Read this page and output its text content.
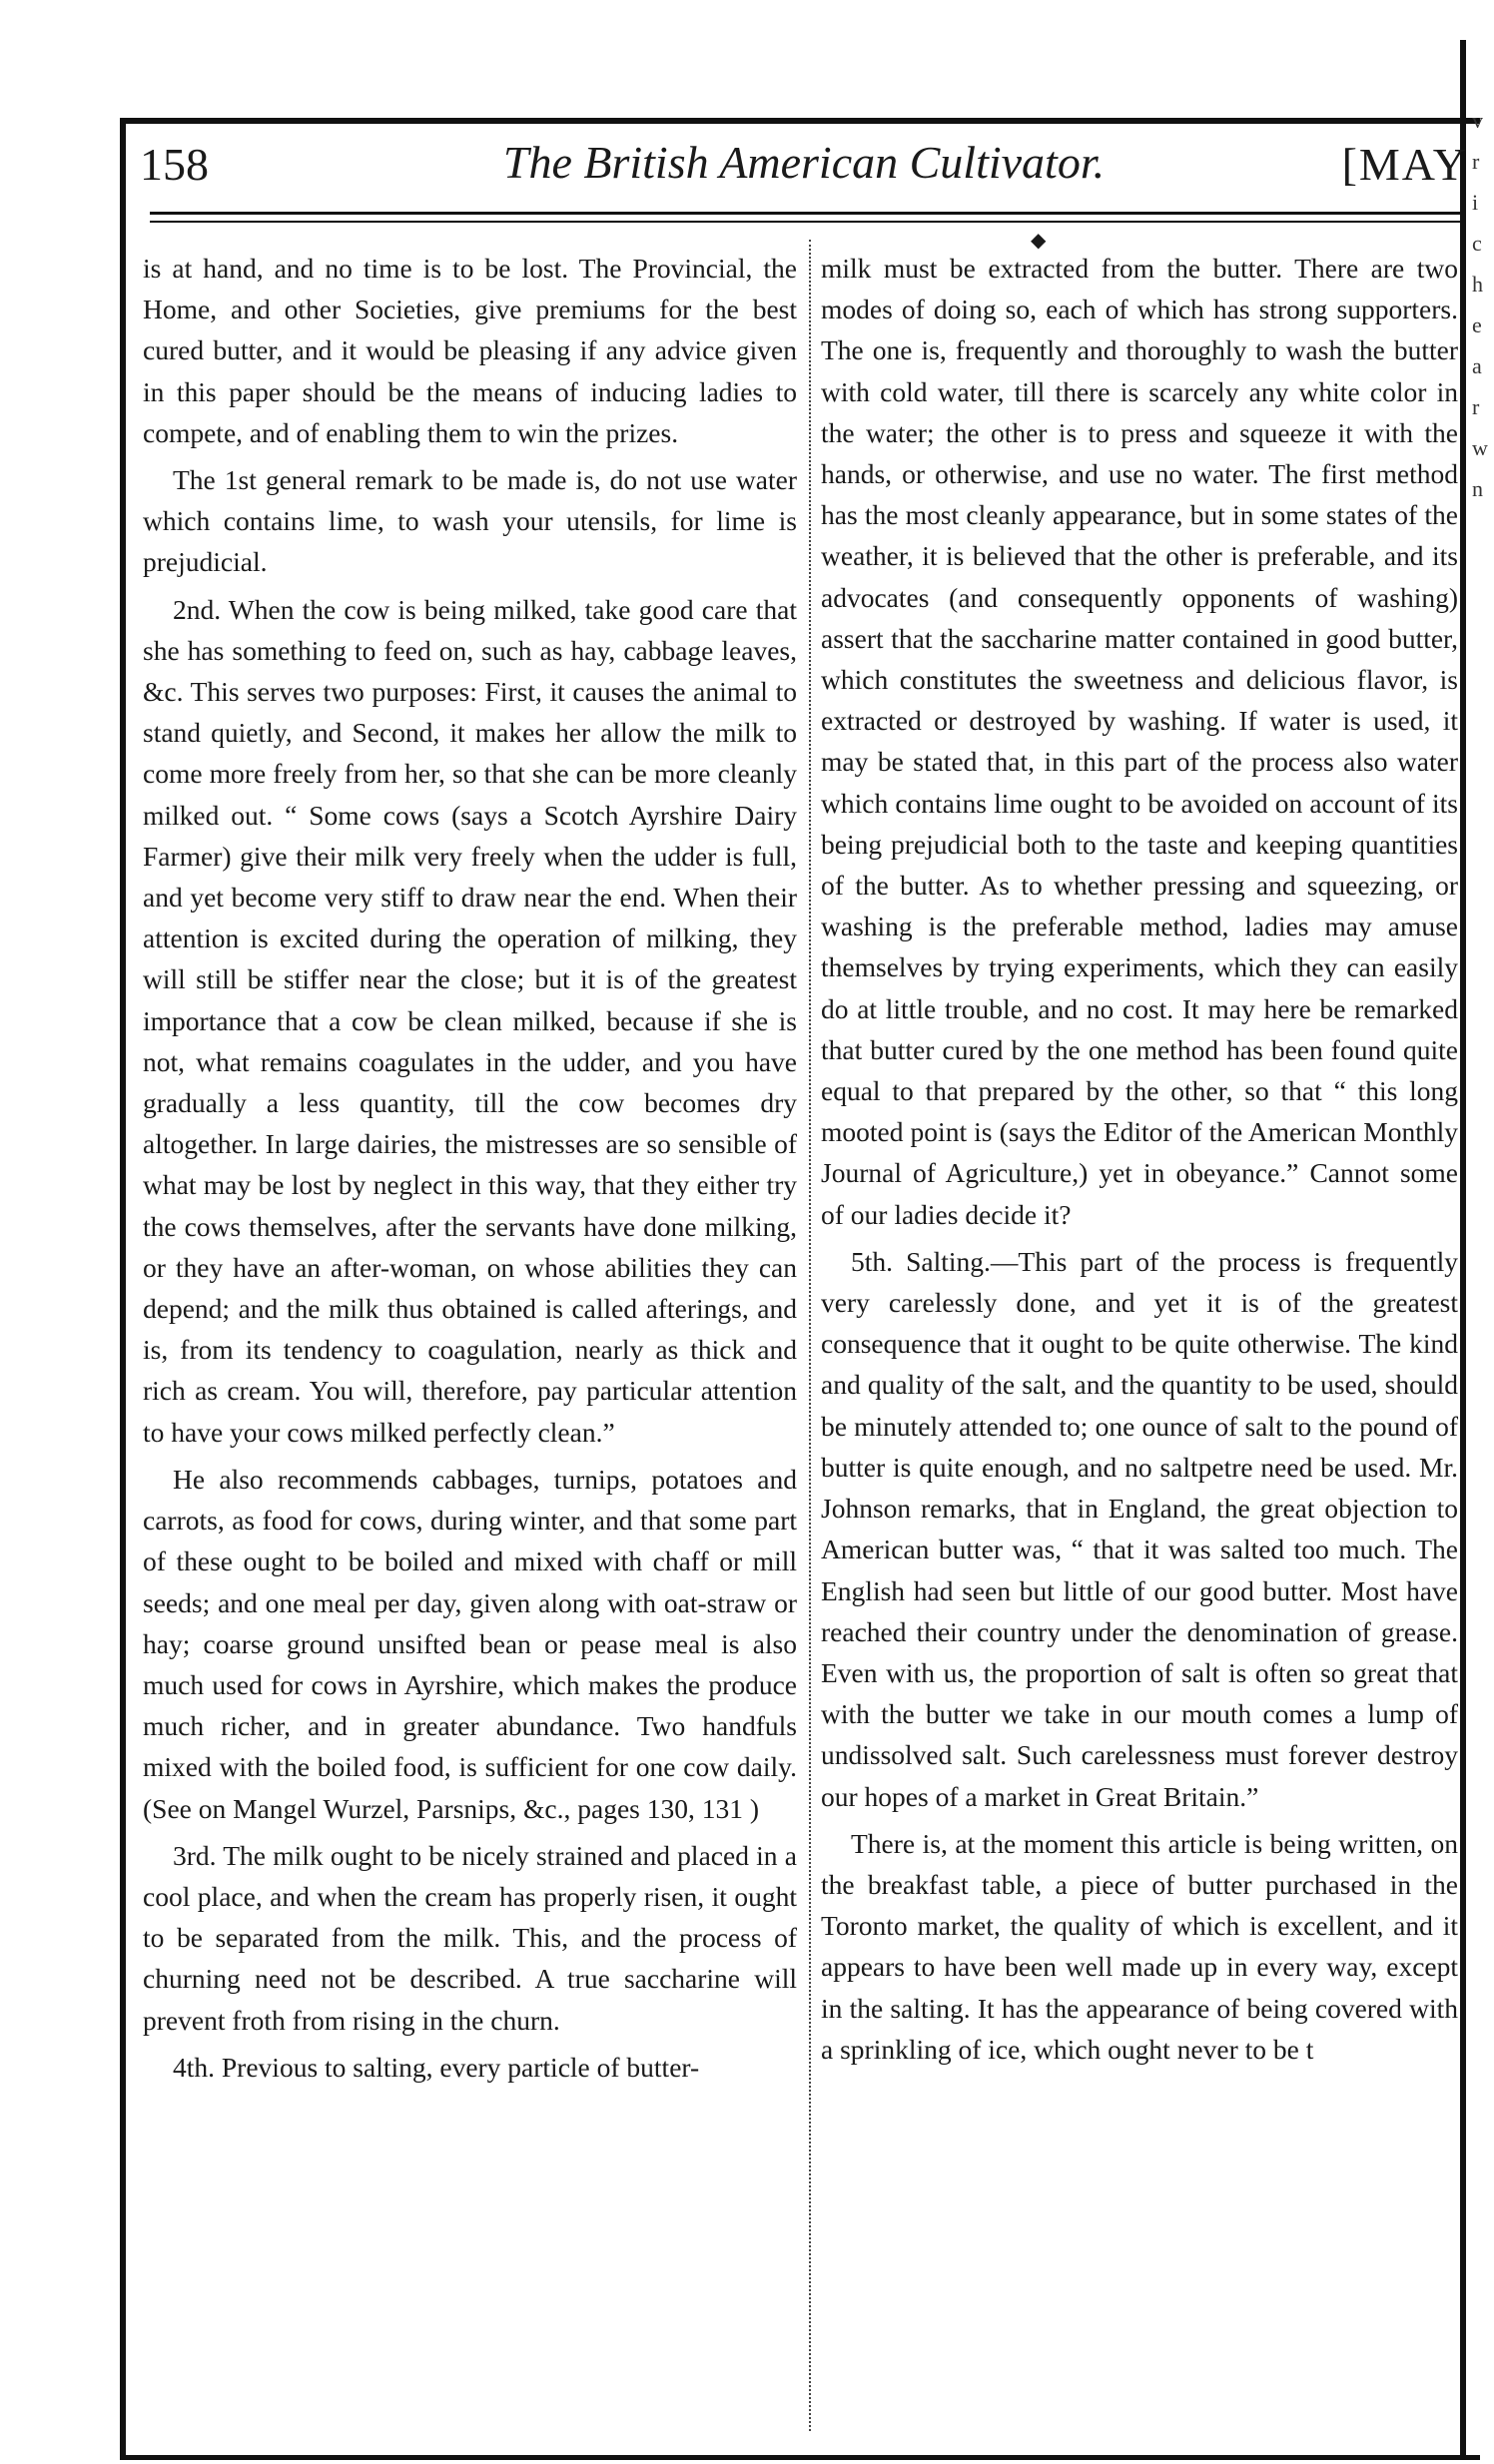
158	The British American Cultivator.	[MAY
◆

is at hand, and no time is to be lost. The Provincial, the Home, and other Societies, give premiums for the best cured butter, and it would be pleasing if any advice given in this paper should be the means of inducing ladies to compete, and of enabling them to win the prizes.

The 1st general remark to be made is, do not use water which contains lime, to wash your utensils, for lime is prejudicial.

2nd. When the cow is being milked, take good care that she has something to feed on, such as hay, cabbage leaves, &c. This serves two purposes: First, it causes the animal to stand quietly, and Second, it makes her allow the milk to come more freely from her, so that she can be more cleanly milked out. “ Some cows (says a Scotch Ayrshire Dairy Farmer) give their milk very freely when the udder is full, and yet become very stiff to draw near the end. When their attention is excited during the operation of milking, they will still be stiffer near the close; but it is of the greatest importance that a cow be clean milked, because if she is not, what remains coagulates in the udder, and you have gradually a less quantity, till the cow becomes dry altogether. In large dairies, the mistresses are so sensible of what may be lost by neglect in this way, that they either try the cows themselves, after the servants have done milking, or they have an after-woman, on whose abilities they can depend; and the milk thus obtained is called afterings, and is, from its tendency to coagulation, nearly as thick and rich as cream. You will, therefore, pay particular attention to have your cows milked perfectly clean.”

He also recommends cabbages, turnips, potatoes and carrots, as food for cows, during winter, and that some part of these ought to be boiled and mixed with chaff or mill seeds; and one meal per day, given along with oat-straw or hay; coarse ground unsifted bean or pease meal is also much used for cows in Ayrshire, which makes the produce much richer, and in greater abundance. Two handfuls mixed with the boiled food, is sufficient for one cow daily. (See on Mangel Wurzel, Parsnips, &c., pages 130, 131 )

3rd. The milk ought to be nicely strained and placed in a cool place, and when the cream has properly risen, it ought to be separated from the milk. This, and the process of churning need not be described. A true saccharine will prevent froth from rising in the churn.

4th. Previous to salting, every particle of butter-

milk must be extracted from the butter. There are two modes of doing so, each of which has strong supporters. The one is, frequently and thoroughly to wash the butter with cold water, till there is scarcely any white color in the water; the other is to press and squeeze it with the hands, or otherwise, and use no water. The first method has the most cleanly appearance, but in some states of the weather, it is believed that the other is preferable, and its advocates (and consequently opponents of washing) assert that the saccharine matter contained in good butter, which constitutes the sweetness and delicious flavor, is extracted or destroyed by washing. If water is used, it may be stated that, in this part of the process also water which contains lime ought to be avoided on account of its being prejudicial both to the taste and keeping quantities of the butter. As to whether pressing and squeezing, or washing is the preferable method, ladies may amuse themselves by trying experiments, which they can easily do at little trouble, and no cost. It may here be remarked that butter cured by the one method has been found quite equal to that prepared by the other, so that “ this long mooted point is (says the Editor of the American Monthly Journal of Agriculture,) yet in obeyance.” Cannot some of our ladies decide it?

5th. Salting.—This part of the process is frequently very carelessly done, and yet it is of the greatest consequence that it ought to be quite otherwise. The kind and quality of the salt, and the quantity to be used, should be minutely attended to; one ounce of salt to the pound of butter is quite enough, and no saltpetre need be used. Mr. Johnson remarks, that in England, the great objection to American butter was, “ that it was salted too much. The English had seen but little of our good butter. Most have reached their country under the denomination of grease. Even with us, the proportion of salt is often so great that with the butter we take in our mouth comes a lump of undissolved salt. Such carelessness must forever destroy our hopes of a market in Great Britain.”

There is, at the moment this article is being written, on the breakfast table, a piece of butter purchased in the Toronto market, the quality of which is excellent, and it appears to have been well made up in every way, except in the salting. It has the appearance of being covered with a sprinkling of ice, which ought never to be t

v
r
i
c
h
e
a
r
w
n
